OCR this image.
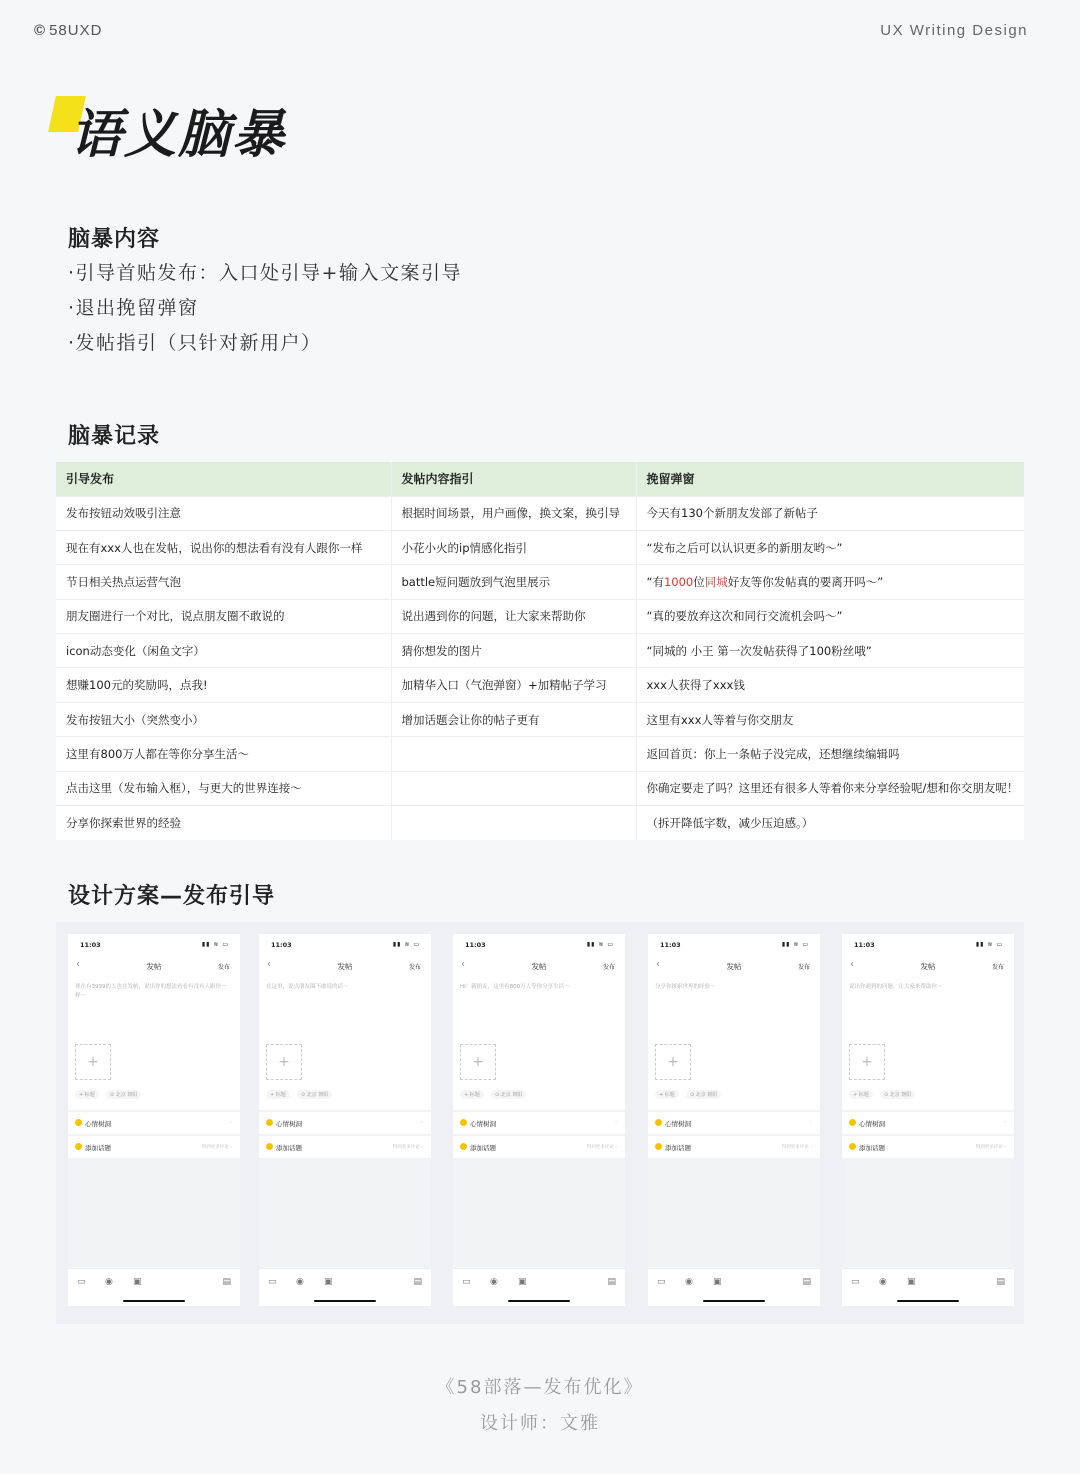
© 58UXD	UX Writing Design
语义脑暴
脑暴内容
·引导首贴发布：入口处引导+输入文案引导
·退出挽留弹窗
·发帖指引（只针对新用户）
脑暴记录
引导发布	发帖内容指引	挽留弹窗
发布按钮动效吸引注意	根据时间场景，用户画像，换文案，换引导	今天有130个新朋友发部了新帖子
现在有xxx人也在发帖，说出你的想法看有没有人跟你一样	小花小火的ip情感化指引	“发布之后可以认识更多的新朋友哟～”
节日相关热点运营气泡	battle短问题放到气泡里展示	“有1000位同城好友等你发帖真的要离开吗～”
朋友圈进行一个对比，说点朋友圈不敢说的	说出遇到你的问题，让大家来帮助你	“真的要放弃这次和同行交流机会吗～”
icon动态变化（闲鱼文字）	猜你想发的图片	“同城的 小王 第一次发帖获得了100粉丝哦”
想赚100元的奖励吗，点我!	加精华入口（气泡弹窗）+加精帖子学习	xxx人获得了xxx钱
发布按钮大小（突然变小）	增加话题会让你的帖子更有	这里有xxx人等着与你交朋友
这里有800万人都在等你分享生活～		返回首页：你上一条帖子没完成，还想继续编辑吗
点击这里（发布输入框），与更大的世界连接～		你确定要走了吗？这里还有很多人等着你来分享经验呢/想和你交朋友呢！
分享你探索世界的经验		（拆开降低字数，减少压迫感。）
设计方案—发布引导
11:03	▮▮ ≋ ▭
‹	发帖	发布
现在有3999的人也在发帖，说出你的想法看看有没有人跟你一样～
+
+ 标题	⊙ 北京 朝阳
心情树洞	›
添加话题	得到更多评论 ›
▭ ◉ ▣	▤
11:03	▮▮ ≋ ▭
‹	发帖	发布
在这里，说点朋友圈不敢说的话～
+
+ 标题	⊙ 北京 朝阳
心情树洞	›
添加话题	得到更多评论 ›
▭ ◉ ▣	▤
11:03	▮▮ ≋ ▭
‹	发帖	发布
Hi！新朋友，这里有800万人等你分享生活～
+
+ 标题	⊙ 北京 朝阳
心情树洞	›
添加话题	得到更多评论 ›
▭ ◉ ▣	▤
11:03	▮▮ ≋ ▭
‹	发帖	发布
分享你探索世界的经验～
+
+ 标题	⊙ 北京 朝阳
心情树洞	›
添加话题	得到更多评论 ›
▭ ◉ ▣	▤
11:03	▮▮ ≋ ▭
‹	发帖	发布
说出你遇到的问题，让大家来帮助你～
+
+ 标题	⊙ 北京 朝阳
心情树洞	›
添加话题	得到更多评论 ›
▭ ◉ ▣	▤
《58部落—发布优化》
设计师：文雅
